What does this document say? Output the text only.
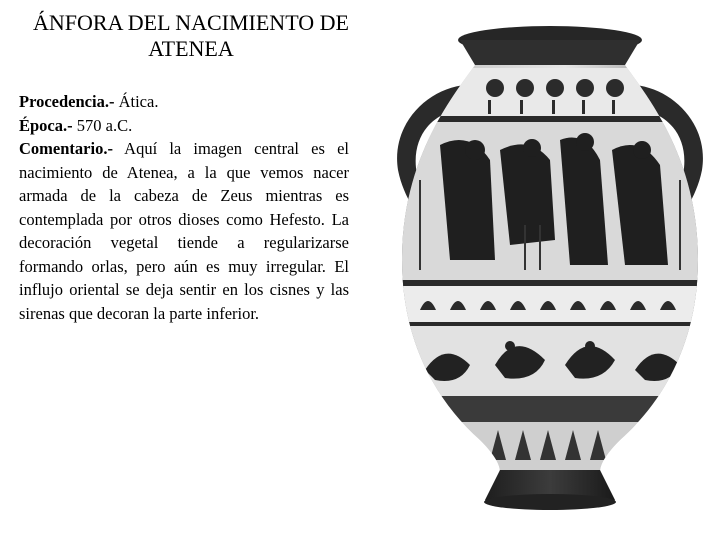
ÁNFORA DEL NACIMIENTO DE
ATENEA

Procedencia.- Ática.

Época.- 570 a.C.

Comentario.- Aquí la imagen central es el nacimiento de Atenea, a la que vemos nacer armada de la cabeza de Zeus mientras es contemplada por otros dioses como Hefesto. La decoración vegetal tiende a regularizarse formando orlas, pero aún es muy irregular. El influjo oriental se deja sentir en los cisnes y las sirenas que decoran la parte inferior.
